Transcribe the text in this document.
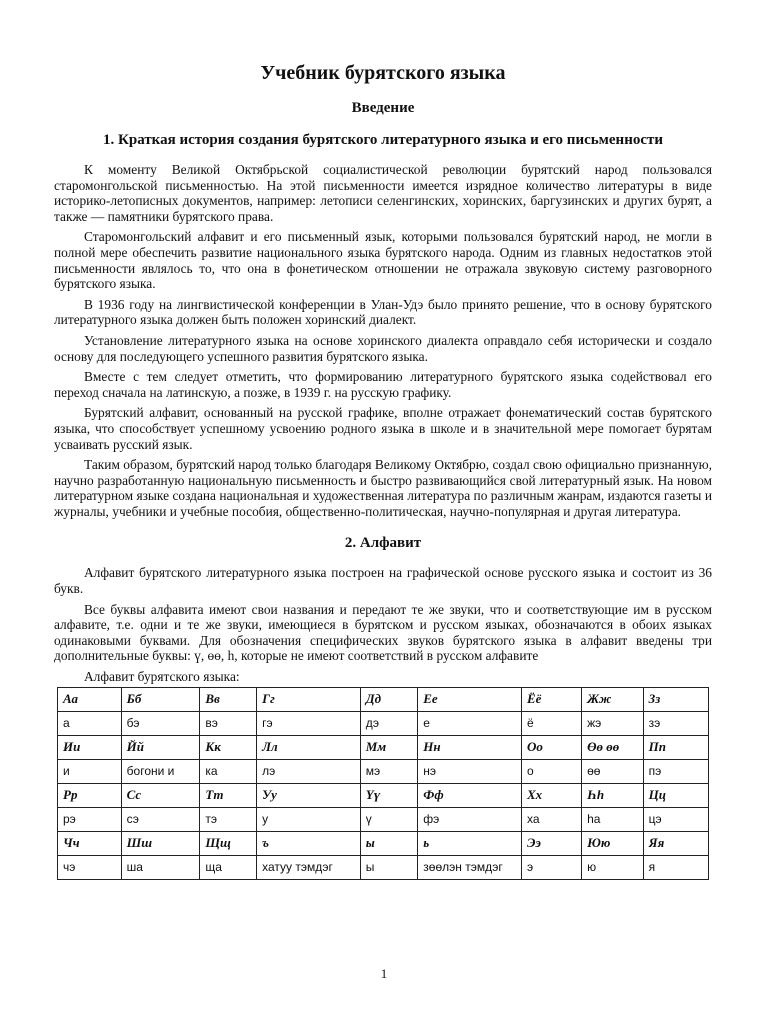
Учебник бурятского языка
Введение
1. Краткая история создания бурятского литературного языка и его письменности

К моменту Великой Октябрьской социалистической революции бурятский народ пользовался старомонгольской письменностью. На этой письменности имеется изрядное количество литературы в виде историко-летописных документов, например: летописи селенгинских, хоринских, баргузинских и других бурят, а также — памятники бурятского права.

Старомонгольский алфавит и его письменный язык, которыми пользовался бурятский народ, не могли в полной мере обеспечить развитие национального языка бурятского народа. Одним из главных недостатков этой письменности являлось то, что она в фонетическом отношении не отражала звуковую систему разговорного бурятского языка.

В 1936 году на лингвистической конференции в Улан-Удэ было принято решение, что в основу бурятского литературного языка должен быть положен хоринский диалект.

Установление литературного языка на основе хоринского диалекта оправдало себя исторически и создало основу для последующего успешного развития бурятского языка.

Вместе с тем следует отметить, что формированию литературного бурятского языка содействовал его переход сначала на латинскую, а позже, в 1939 г. на русскую графику.

Бурятский алфавит, основанный на русской графике, вполне отражает фонематический состав бурятского языка, что способствует успешному усвоению родного языка в школе и в значительной мере помогает бурятам усваивать русский язык.

Таким образом, бурятский народ только благодаря Великому Октябрю, создал свою официально признанную, научно разработанную национальную письменность и быстро развивающийся свой литературный язык. На новом литературном языке создана национальная и художественная литература по различным жанрам, издаются газеты и журналы, учебники и учебные пособия, общественно-политическая, научно-популярная и другая литература.

2. Алфавит

Алфавит бурятского литературного языка построен на графической основе русского языка и состоит из 36 букв.

Все буквы алфавита имеют свои названия и передают те же звуки, что и соответствующие им в русском алфавите, т.е. одни и те же звуки, имеющиеся в бурятском и русском языках, обозначаются в обоих языках одинаковыми буквами. Для обозначения специфических звуков бурятского языка в алфавит введены три дополнительные буквы: ү, өө, һ, которые не имеют соответствий в русском алфавите

Алфавит бурятского языка:

Аа	Бб	Вв	Гг	Дд	Ее	Ёё	Жж	Зз
а	бэ	вэ	гэ	дэ	е	ё	жэ	зэ
Ии	Йй	Кк	Лл	Мм	Нн	Оо	Өө өө	Пп
и	богони и	ка	лэ	мэ	нэ	о	өө	пэ
Рр	Сс	Тт	Уу	Үү	Фф	Хх	Һһ	Цц
рэ	сэ	тэ	у	ү	фэ	ха	һа	цэ
Чч	Шш	Щщ	ъ	ы	ь	Ээ	Юю	Яя
чэ	ша	ща	хатуу тэмдэг	ы	зөөлэн тэмдэг	э	ю	я
1
